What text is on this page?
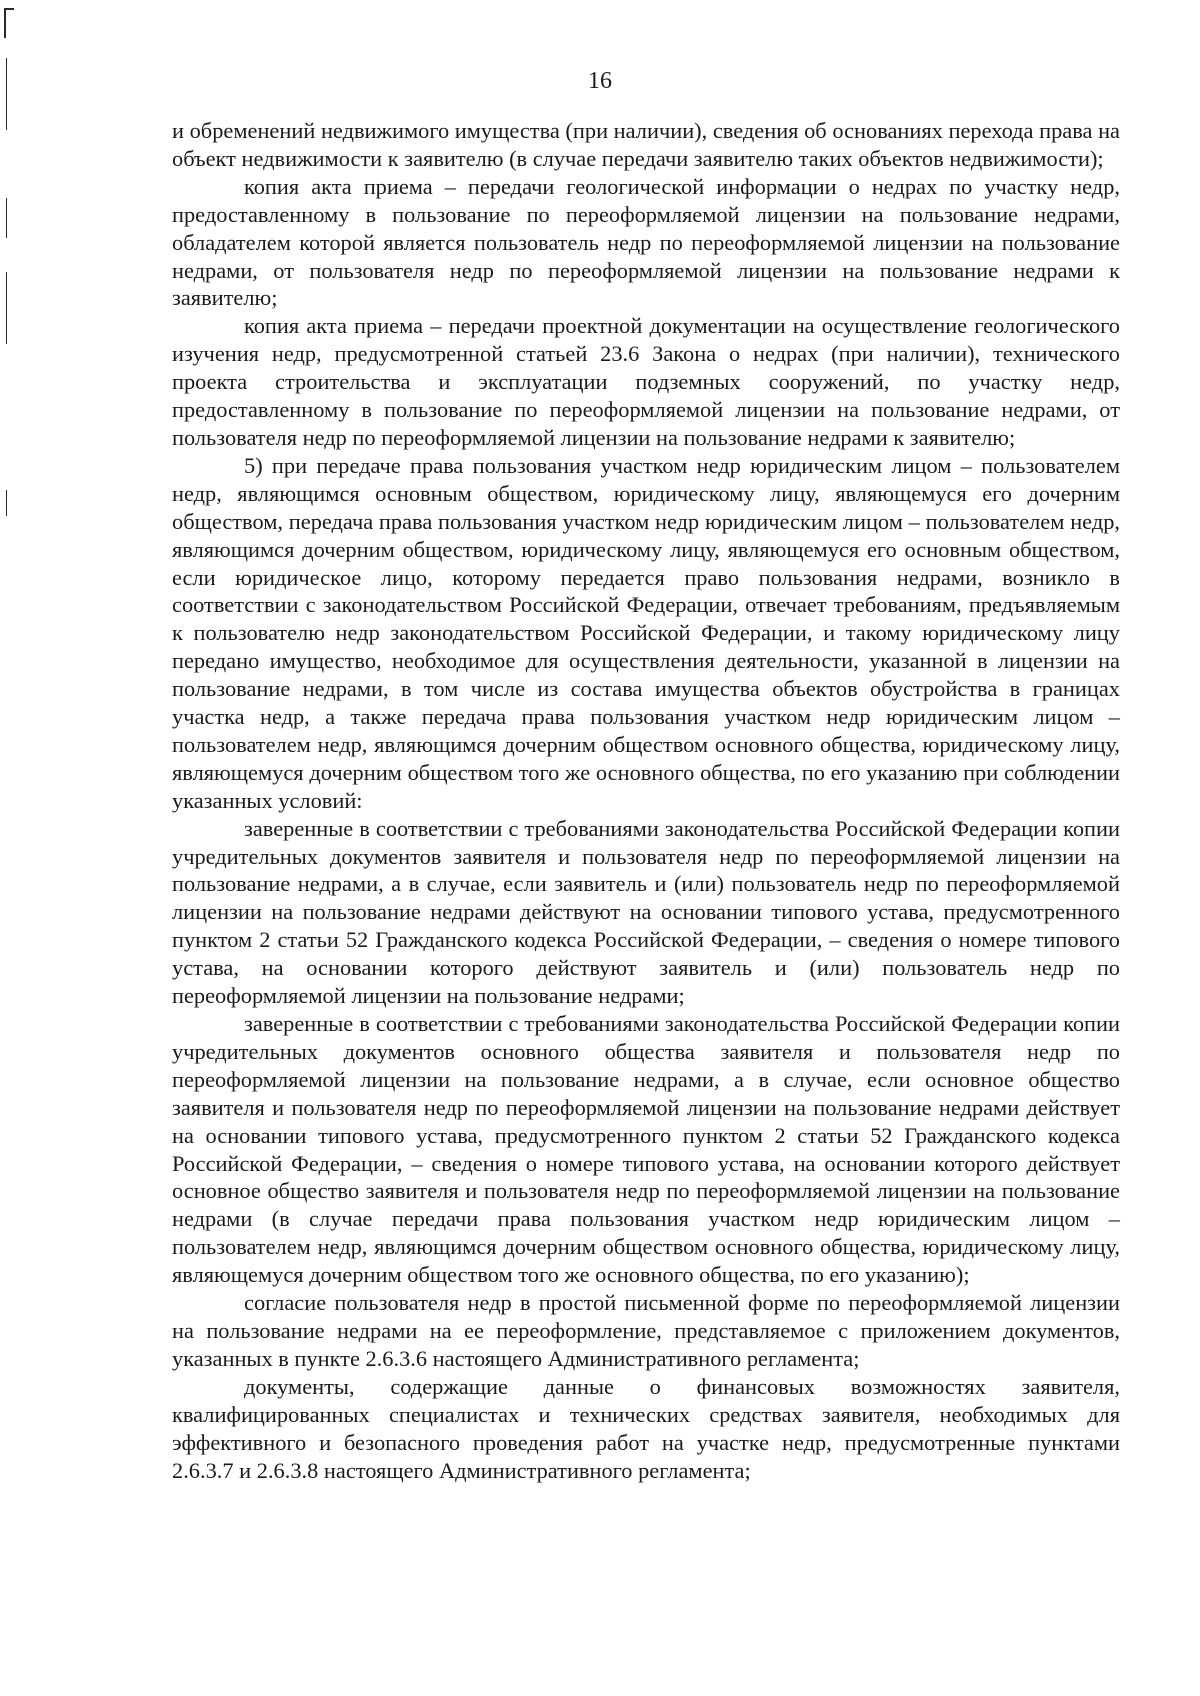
16

и обременений недвижимого имущества (при наличии), сведения об основаниях перехода права на объект недвижимости к заявителю (в случае передачи заявителю таких объектов недвижимости);

копия акта приема – передачи геологической информации о недрах по участку недр, предоставленному в пользование по переоформляемой лицензии на пользование недрами, обладателем которой является пользователь недр по переоформляемой лицензии на пользование недрами, от пользователя недр по переоформляемой лицензии на пользование недрами к заявителю;

копия акта приема – передачи проектной документации на осуществление геологического изучения недр, предусмотренной статьей 23.6 Закона о недрах (при наличии), технического проекта строительства и эксплуатации подземных сооружений, по участку недр, предоставленному в пользование по переоформляемой лицензии на пользование недрами, от пользователя недр по переоформляемой лицензии на пользование недрами к заявителю;

5) при передаче права пользования участком недр юридическим лицом – пользователем недр, являющимся основным обществом, юридическому лицу, являющемуся его дочерним обществом, передача права пользования участком недр юридическим лицом – пользователем недр, являющимся дочерним обществом, юридическому лицу, являющемуся его основным обществом, если юридическое лицо, которому передается право пользования недрами, возникло в соответствии с законодательством Российской Федерации, отвечает требованиям, предъявляемым к пользователю недр законодательством Российской Федерации, и такому юридическому лицу передано имущество, необходимое для осуществления деятельности, указанной в лицензии на пользование недрами, в том числе из состава имущества объектов обустройства в границах участка недр, а также передача права пользования участком недр юридическим лицом – пользователем недр, являющимся дочерним обществом основного общества, юридическому лицу, являющемуся дочерним обществом того же основного общества, по его указанию при соблюдении указанных условий:

заверенные в соответствии с требованиями законодательства Российской Федерации копии учредительных документов заявителя и пользователя недр по переоформляемой лицензии на пользование недрами, а в случае, если заявитель и (или) пользователь недр по переоформляемой лицензии на пользование недрами действуют на основании типового устава, предусмотренного пунктом 2 статьи 52 Гражданского кодекса Российской Федерации, – сведения о номере типового устава, на основании которого действуют заявитель и (или) пользователь недр по переоформляемой лицензии на пользование недрами;

заверенные в соответствии с требованиями законодательства Российской Федерации копии учредительных документов основного общества заявителя и пользователя недр по переоформляемой лицензии на пользование недрами, а в случае, если основное общество заявителя и пользователя недр по переоформляемой лицензии на пользование недрами действует на основании типового устава, предусмотренного пунктом 2 статьи 52 Гражданского кодекса Российской Федерации, – сведения о номере типового устава, на основании которого действует основное общество заявителя и пользователя недр по переоформляемой лицензии на пользование недрами (в случае передачи права пользования участком недр юридическим лицом – пользователем недр, являющимся дочерним обществом основного общества, юридическому лицу, являющемуся дочерним обществом того же основного общества, по его указанию);

согласие пользователя недр в простой письменной форме по переоформляемой лицензии на пользование недрами на ее переоформление, представляемое с приложением документов, указанных в пункте 2.6.3.6 настоящего Административного регламента;

документы, содержащие данные о финансовых возможностях заявителя, квалифицированных специалистах и технических средствах заявителя, необходимых для эффективного и безопасного проведения работ на участке недр, предусмотренные пунктами 2.6.3.7 и 2.6.3.8 настоящего Административного регламента;
